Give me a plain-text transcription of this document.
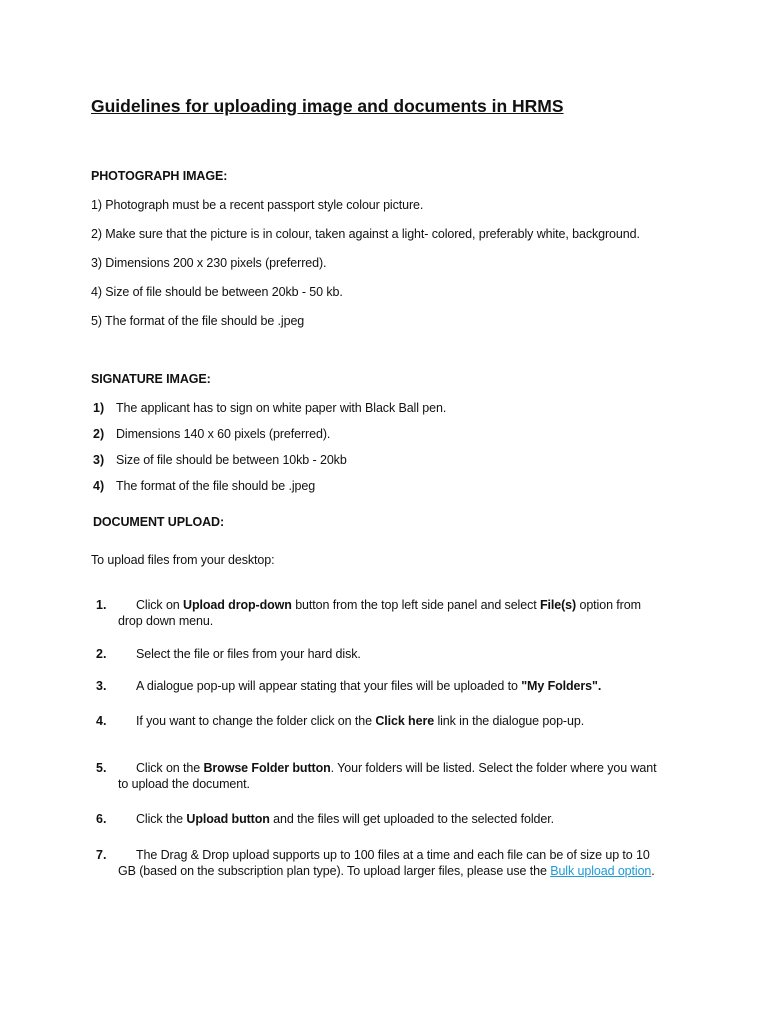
Guidelines for uploading image and documents in HRMS
PHOTOGRAPH IMAGE:
1) Photograph must be a recent passport style colour picture.
2) Make sure that the picture is in colour, taken against a light- colored, preferably white, background.
3) Dimensions 200 x 230 pixels (preferred).
4) Size of file should be between 20kb - 50 kb.
5) The format of the file should be .jpeg
SIGNATURE IMAGE:
1) The applicant has to sign on white paper with Black Ball pen.
2) Dimensions 140 x 60 pixels (preferred).
3) Size of file should be between 10kb - 20kb
4) The format of the file should be .jpeg
DOCUMENT UPLOAD:
To upload files from your desktop:
1. Click on Upload drop-down button from the top left side panel and select File(s) option from
drop down menu.
2. Select the file or files from your hard disk.
3. A dialogue pop-up will appear stating that your files will be uploaded to "My Folders".
4. If you want to change the folder click on the Click here link in the dialogue pop-up.
5. Click on the Browse Folder button. Your folders will be listed. Select the folder where you want
to upload the document.
6. Click the Upload button and the files will get uploaded to the selected folder.
7. The Drag & Drop upload supports up to 100 files at a time and each file can be of size up to 10
GB (based on the subscription plan type). To upload larger files, please use the Bulk upload option.
